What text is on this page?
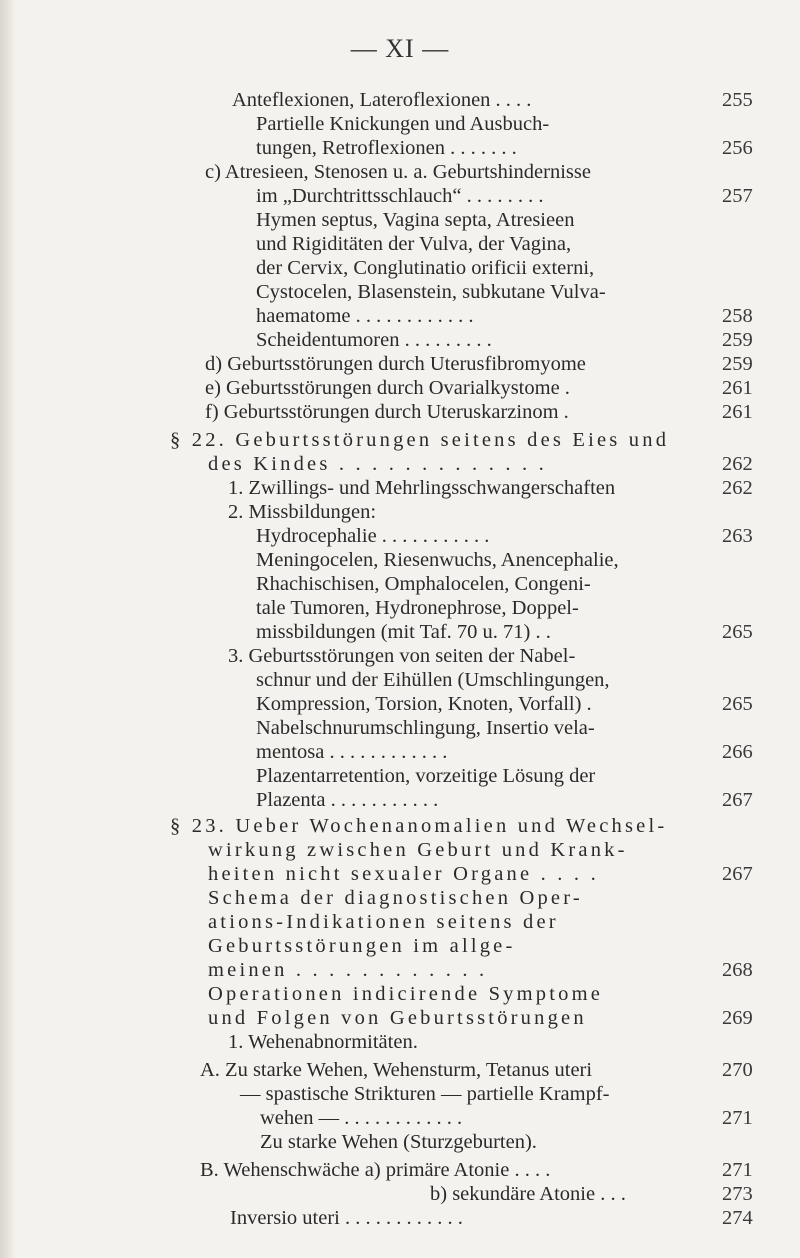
— XI —
Anteflexionen, Lateroflexionen . . . .	255
Partielle Knickungen und Ausbuch-
tungen, Retroflexionen . . . . . . .	256
c) Atresieen, Stenosen u. a. Geburtshindernisse
im „Durchtrittsschlauch“ . . . . . . . .	257
Hymen septus, Vagina septa, Atresieen
und Rigiditäten der Vulva, der Vagina,
der Cervix, Conglutinatio orificii externi,
Cystocelen, Blasenstein, subkutane Vulva-
haematome . . . . . . . . . . . .	258
Scheidentumoren . . . . . . . . .	259
d) Geburtsstörungen durch Uterusfibromyome	259
e) Geburtsstörungen durch Ovarialkystome .	261
f) Geburtsstörungen durch Uteruskarzinom .	261
§ 22. Geburtsstörungen seitens des Eies und
des Kindes . . . . . . . . . . . . .	262
1. Zwillings- und Mehrlingsschwangerschaften	262
2. Missbildungen:
Hydrocephalie . . . . . . . . . . .	263
Meningocelen, Riesenwuchs, Anencephalie,
Rhachischisen, Omphalocelen, Congeni-
tale Tumoren, Hydronephrose, Doppel-
missbildungen (mit Taf. 70 u. 71) . .	265
3. Geburtsstörungen von seiten der Nabel-
schnur und der Eihüllen (Umschlingungen,
Kompression, Torsion, Knoten, Vorfall) .	265
Nabelschnurumschlingung, Insertio vela-
mentosa . . . . . . . . . . . .	266
Plazentarretention, vorzeitige Lösung der
Plazenta . . . . . . . . . . .	267
§ 23. Ueber Wochenanomalien und Wechsel-
wirkung zwischen Geburt und Krank-
heiten nicht sexualer Organe . . . .	267
Schema der diagnostischen Oper-
ations-Indikationen seitens der
Geburtsstörungen im allge-
meinen . . . . . . . . . . . .	268
Operationen indicirende Symptome
und Folgen von Geburtsstörungen	269
1. Wehenabnormitäten.
A. Zu starke Wehen, Wehensturm, Tetanus uteri	270
— spastische Strikturen — partielle Krampf-
wehen — . . . . . . . . . . . .	271
Zu starke Wehen (Sturzgeburten).
B. Wehenschwäche a) primäre Atonie . . . .	271
b) sekundäre Atonie . . .	273
Inversio uteri . . . . . . . . . . . .	274
